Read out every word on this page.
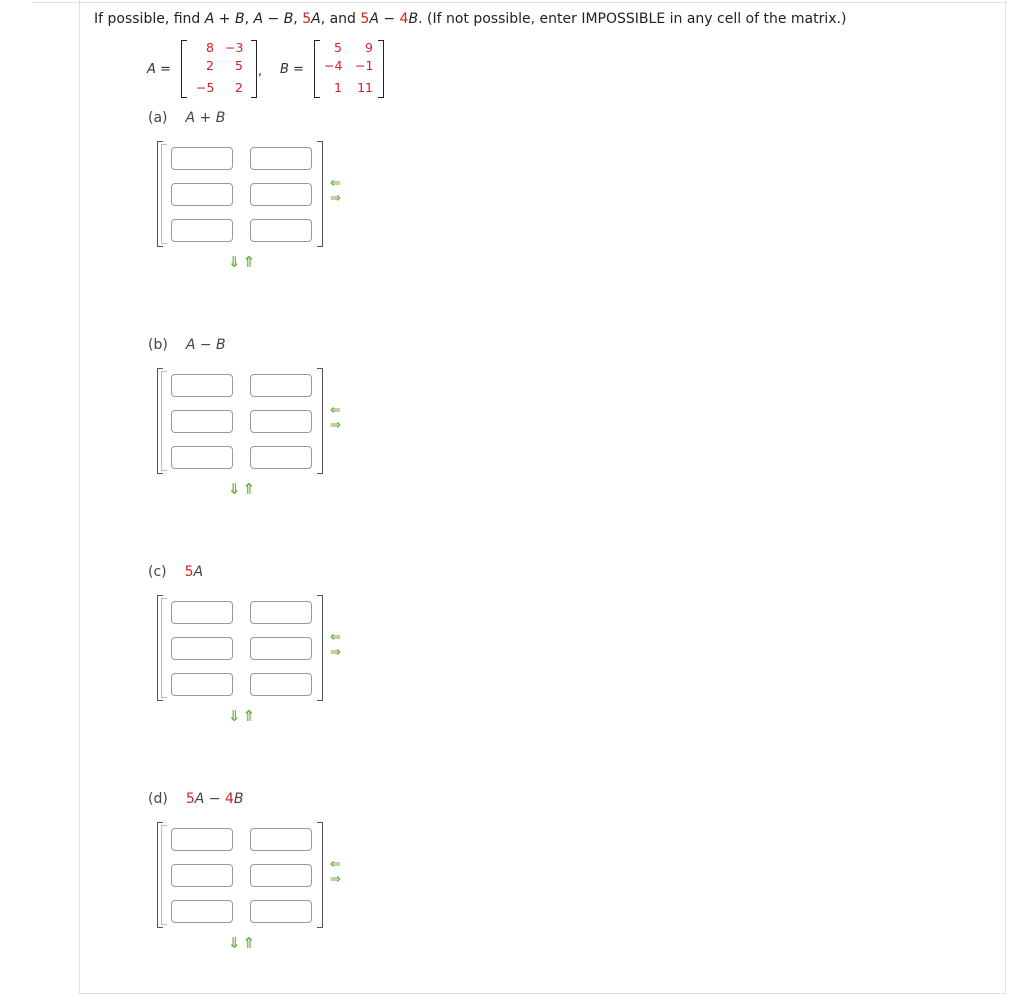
If possible, find A + B, A − B, 5A, and 5A − 4B. (If not possible, enter IMPOSSIBLE in any cell of the matrix.)
A =
8 −3
2	5
−5	2
, B =
5	9
−4 −1
1 11
(a) A + B
⇐
⇒
⇓⇑
(b) A − B
⇐
⇒
⇓⇑
(c) 5A
⇐
⇒
⇓⇑
(d) 5A − 4B
⇐
⇒
⇓⇑
